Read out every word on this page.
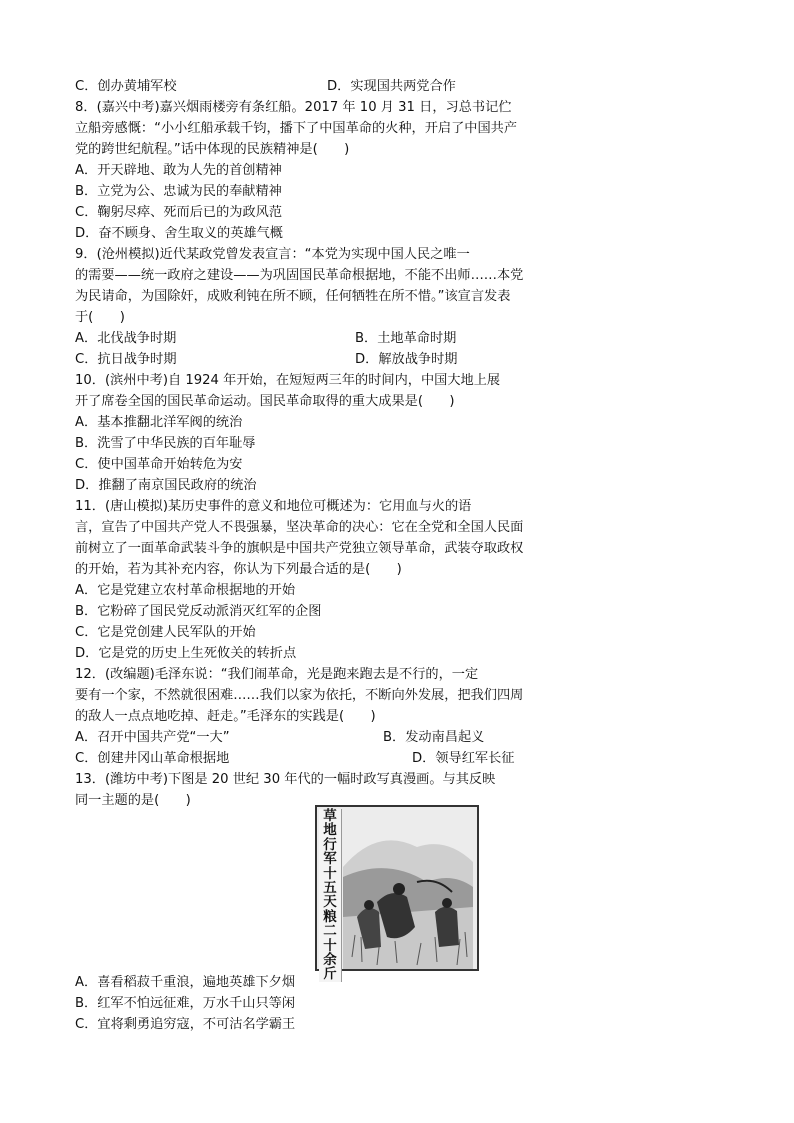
C．创办黄埔军校	D．实现国共两党合作
8．(嘉兴中考)嘉兴烟雨楼旁有条红船。2017 年 10 月 31 日，习总书记伫
立船旁感慨：“小小红船承载千钧，播下了中国革命的火种，开启了中国共产
党的跨世纪航程。”话中体现的民族精神是(　　)
A．开天辟地、敢为人先的首创精神
B．立党为公、忠诚为民的奉献精神
C．鞠躬尽瘁、死而后已的为政风范
D．奋不顾身、舍生取义的英雄气概
9．(沧州模拟)近代某政党曾发表宣言：“本党为实现中国人民之唯一
的需要——统一政府之建设——为巩固国民革命根据地，不能不出师……本党
为民请命，为国除奸，成败利钝在所不顾，任何牺牲在所不惜。”该宣言发表
于(　　)
A．北伐战争时期	B．土地革命时期
C．抗日战争时期	D．解放战争时期
10．(滨州中考)自 1924 年开始，在短短两三年的时间内，中国大地上展
开了席卷全国的国民革命运动。国民革命取得的重大成果是(　　)
A．基本推翻北洋军阀的统治
B．洗雪了中华民族的百年耻辱
C．使中国革命开始转危为安
D．推翻了南京国民政府的统治
11．(唐山模拟)某历史事件的意义和地位可概述为：它用血与火的语
言，宣告了中国共产党人不畏强暴，坚决革命的决心：它在全党和全国人民面
前树立了一面革命武装斗争的旗帜是中国共产党独立领导革命，武装夺取政权
的开始，若为其补充内容，你认为下列最合适的是(　　)
A．它是党建立农村革命根据地的开始
B．它粉碎了国民党反动派消灭红军的企图
C．它是党创建人民军队的开始
D．它是党的历史上生死攸关的转折点
12．(改编题)毛泽东说：“我们闹革命，光是跑来跑去是不行的，一定
要有一个家，不然就很困难……我们以家为依托，不断向外发展，把我们四周
的敌人一点点地吃掉、赶走。”毛泽东的实践是(　　)
A．召开中国共产党“一大”	B．发动南昌起义
C．创建井冈山革命根据地	D．领导红军长征
13．(潍坊中考)下图是 20 世纪 30 年代的一幅时政写真漫画。与其反映
同一主题的是(　　)
草地行军十五天粮二十余斤
A．喜看稻菽千重浪，遍地英雄下夕烟
B．红军不怕远征难，万水千山只等闲
C．宜将剩勇追穷寇，不可沽名学霸王
